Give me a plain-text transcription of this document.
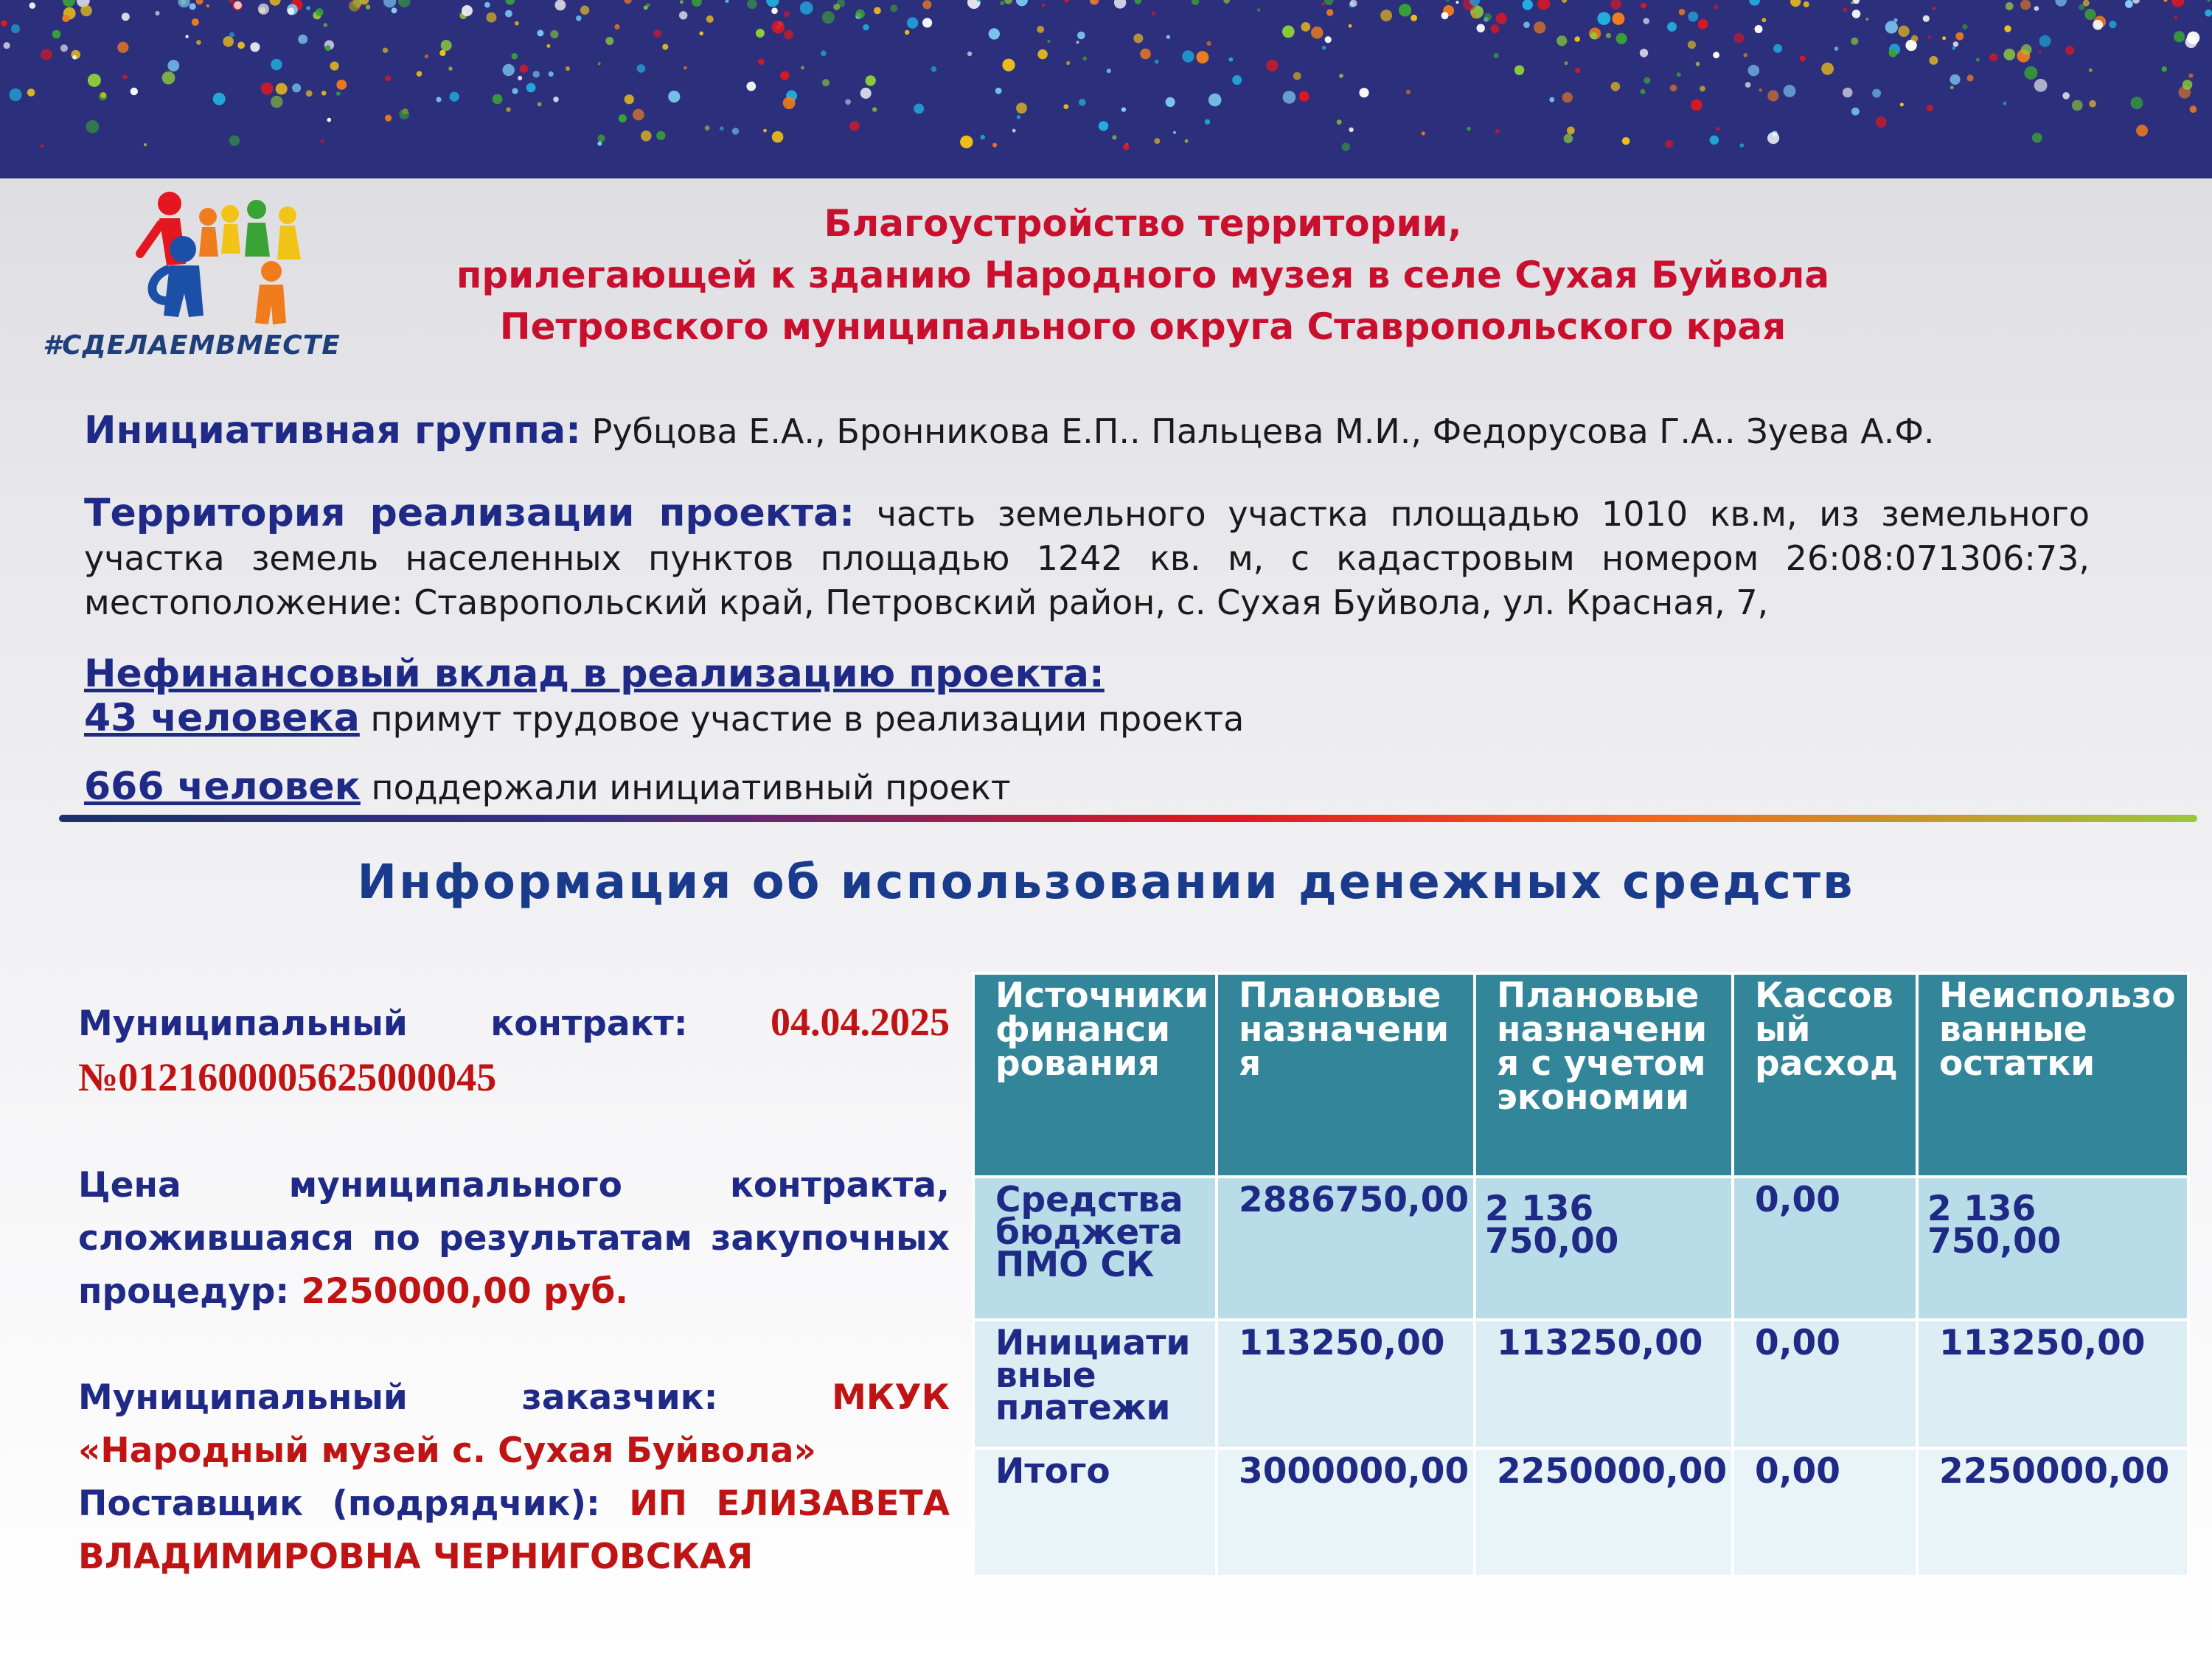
#СДЕЛАЕМВМЕСТЕ
Благоустройство территории,
прилегающей к зданию Народного музея в селе Сухая Буйвола
Петровского муниципального округа Ставропольского края
Инициативная группа: Рубцова Е.А., Бронникова Е.П.. Пальцева М.И., Федорусова Г.А.. Зуева А.Ф.
Территория реализации проекта: часть земельного участка площадью 1010 кв.м, из земельного участка земель населенных пунктов площадью 1242 кв. м, с кадастровым номером 26:08:071306:73, местоположение: Ставропольский край, Петровский район, с. Сухая Буйвола, ул. Красная, 7,
Нефинансовый вклад в реализацию проекта:
43 человека примут трудовое участие в реализации проекта
666 человек поддержали инициативный проект
Информация об использовании денежных средств

Муниципальный контракт: 04.04.2025 №0121600005625000045

Цена муниципального контракта, сложившаяся по результатам закупочных процедур: 2250000,00 руб.

Муниципальный заказчик:	МКУК «Народный музей с. Сухая Буйвола»

Поставщик (подрядчик): ИП ЕЛИЗАВЕТА ВЛАДИМИРОВНА ЧЕРНИГОВСКАЯ

Источники финанси рования	Плановые назначени я	Плановые назначени я с учетом экономии	Кассов ый расход	Неиспользо ванные остатки
Средства бюджета ПМО СК	2886750,00	2 136 750,00	0,00	2 136 750,00
Инициати вные платежи	113250,00	113250,00	0,00	113250,00
Итого	3000000,00	2250000,00	0,00	2250000,00
